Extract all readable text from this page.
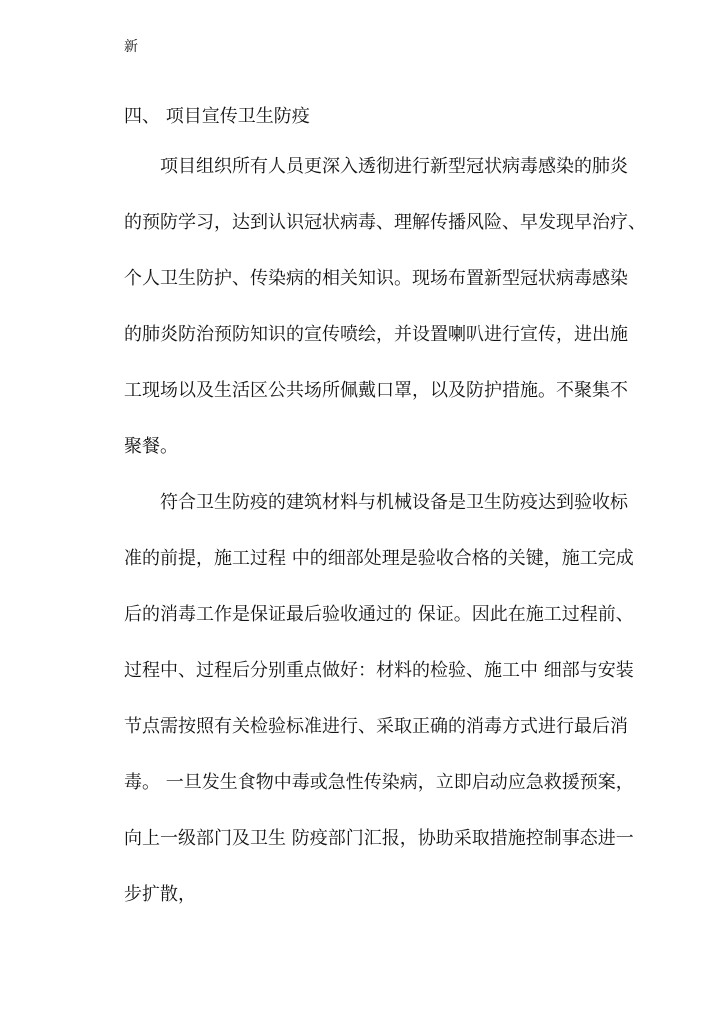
新
四、 项目宣传卫生防疫
项目组织所有人员更深入透彻进行新型冠状病毒感染的肺炎
的预防学习，达到认识冠状病毒、理解传播风险、早发现早治疗、
个人卫生防护、传染病的相关知识。现场布置新型冠状病毒感染
的肺炎防治预防知识的宣传喷绘，并设置喇叭进行宣传，进出施
工现场以及生活区公共场所佩戴口罩，以及防护措施。不聚集不
聚餐。
符合卫生防疫的建筑材料与机械设备是卫生防疫达到验收标
准的前提，施工过程 中的细部处理是验收合格的关键，施工完成
后的消毒工作是保证最后验收通过的 保证。因此在施工过程前、
过程中、过程后分别重点做好：材料的检验、施工中 细部与安装
节点需按照有关检验标准进行、采取正确的消毒方式进行最后消
毒。 一旦发生食物中毒或急性传染病，立即启动应急救援预案，
向上一级部门及卫生 防疫部门汇报，协助采取措施控制事态进一
步扩散，
